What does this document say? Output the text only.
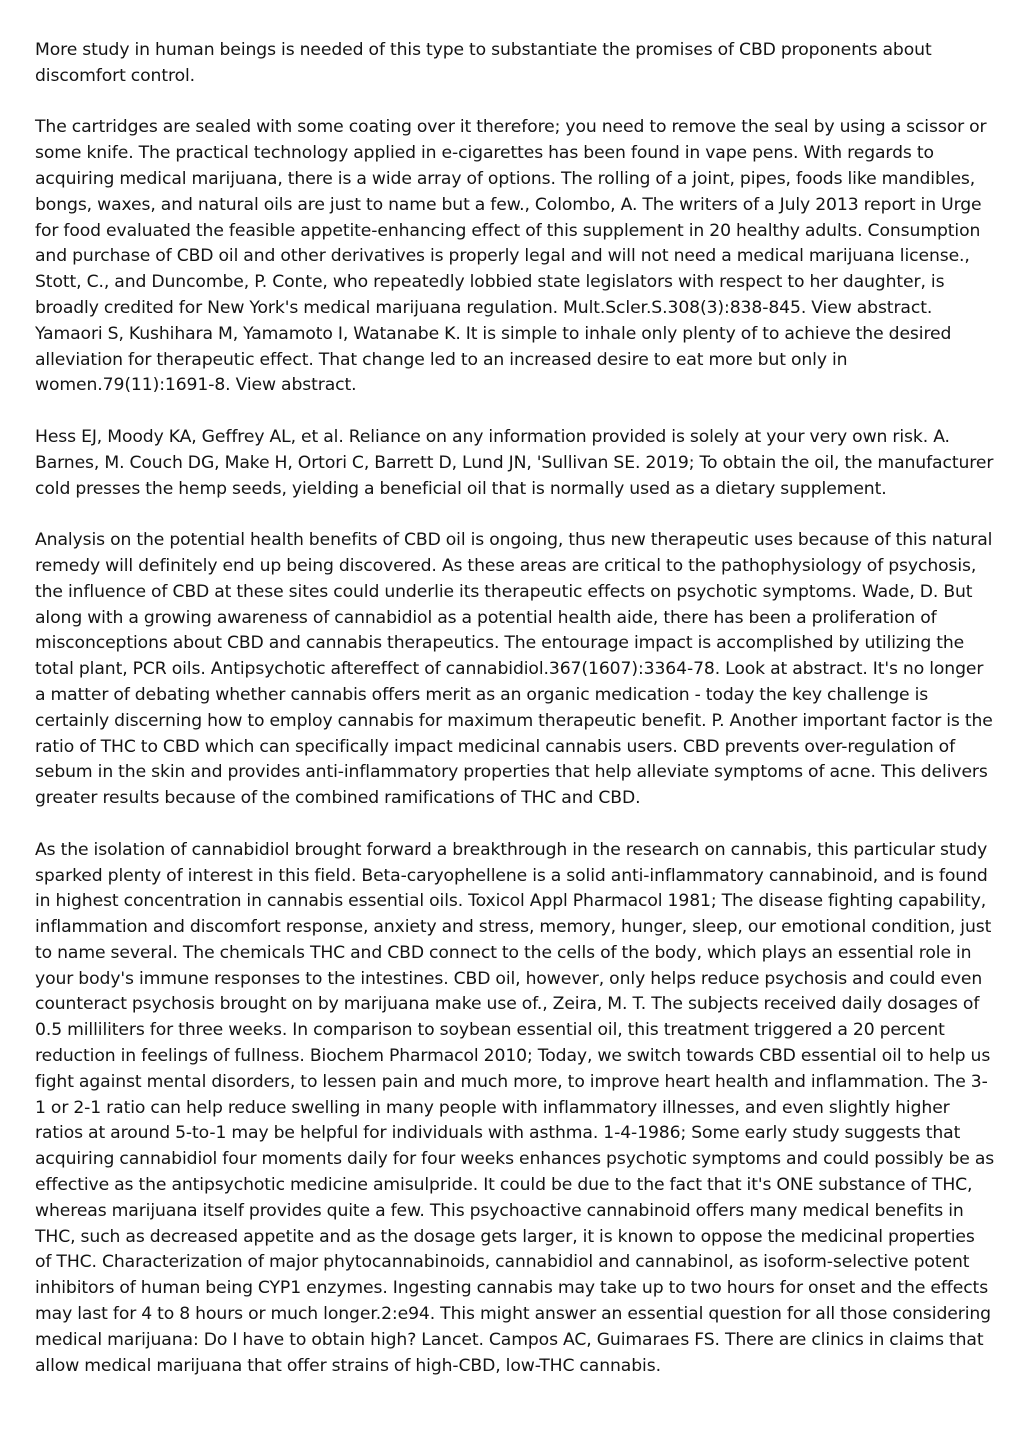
More study in human beings is needed of this type to substantiate the promises of CBD proponents about discomfort control.

The cartridges are sealed with some coating over it therefore; you need to remove the seal by using a scissor or some knife. The practical technology applied in e-cigarettes has been found in vape pens. With regards to acquiring medical marijuana, there is a wide array of options. The rolling of a joint, pipes, foods like mandibles, bongs, waxes, and natural oils are just to name but a few., Colombo, A. The writers of a July 2013 report in Urge for food evaluated the feasible appetite-enhancing effect of this supplement in 20 healthy adults. Consumption and purchase of CBD oil and other derivatives is properly legal and will not need a medical marijuana license., Stott, C., and Duncombe, P. Conte, who repeatedly lobbied state legislators with respect to her daughter, is broadly credited for New York's medical marijuana regulation. Mult.Scler.S.308(3):838-845. View abstract. Yamaori S, Kushihara M, Yamamoto I, Watanabe K. It is simple to inhale only plenty of to achieve the desired alleviation for therapeutic effect. That change led to an increased desire to eat more but only in women.79(11):1691-8. View abstract.

Hess EJ, Moody KA, Geffrey AL, et al. Reliance on any information provided is solely at your very own risk. A. Barnes, M. Couch DG, Make H, Ortori C, Barrett D, Lund JN, 'Sullivan SE. 2019; To obtain the oil, the manufacturer cold presses the hemp seeds, yielding a beneficial oil that is normally used as a dietary supplement.

Analysis on the potential health benefits of CBD oil is ongoing, thus new therapeutic uses because of this natural remedy will definitely end up being discovered. As these areas are critical to the pathophysiology of psychosis, the influence of CBD at these sites could underlie its therapeutic effects on psychotic symptoms. Wade, D. But along with a growing awareness of cannabidiol as a potential health aide, there has been a proliferation of misconceptions about CBD and cannabis therapeutics. The entourage impact is accomplished by utilizing the total plant, PCR oils. Antipsychotic aftereffect of cannabidiol.367(1607):3364-78. Look at abstract. It's no longer a matter of debating whether cannabis offers merit as an organic medication - today the key challenge is certainly discerning how to employ cannabis for maximum therapeutic benefit. P. Another important factor is the ratio of THC to CBD which can specifically impact medicinal cannabis users. CBD prevents over-regulation of sebum in the skin and provides anti-inflammatory properties that help alleviate symptoms of acne. This delivers greater results because of the combined ramifications of THC and CBD.

As the isolation of cannabidiol brought forward a breakthrough in the research on cannabis, this particular study sparked plenty of interest in this field. Beta-caryophellene is a solid anti-inflammatory cannabinoid, and is found in highest concentration in cannabis essential oils. Toxicol Appl Pharmacol 1981; The disease fighting capability, inflammation and discomfort response, anxiety and stress, memory, hunger, sleep, our emotional condition, just to name several. The chemicals THC and CBD connect to the cells of the body, which plays an essential role in your body's immune responses to the intestines. CBD oil, however, only helps reduce psychosis and could even counteract psychosis brought on by marijuana make use of., Zeira, M. T. The subjects received daily dosages of 0.5 milliliters for three weeks. In comparison to soybean essential oil, this treatment triggered a 20 percent reduction in feelings of fullness. Biochem Pharmacol 2010; Today, we switch towards CBD essential oil to help us fight against mental disorders, to lessen pain and much more, to improve heart health and inflammation. The 3-1 or 2-1 ratio can help reduce swelling in many people with inflammatory illnesses, and even slightly higher ratios at around 5-to-1 may be helpful for individuals with asthma. 1-4-1986; Some early study suggests that acquiring cannabidiol four moments daily for four weeks enhances psychotic symptoms and could possibly be as effective as the antipsychotic medicine amisulpride. It could be due to the fact that it's ONE substance of THC, whereas marijuana itself provides quite a few. This psychoactive cannabinoid offers many medical benefits in THC, such as decreased appetite and as the dosage gets larger, it is known to oppose the medicinal properties of THC. Characterization of major phytocannabinoids, cannabidiol and cannabinol, as isoform-selective potent inhibitors of human being CYP1 enzymes. Ingesting cannabis may take up to two hours for onset and the effects may last for 4 to 8 hours or much longer.2:e94. This might answer an essential question for all those considering medical marijuana: Do I have to obtain high? Lancet. Campos AC, Guimaraes FS. There are clinics in claims that allow medical marijuana that offer strains of high-CBD, low-THC cannabis.
